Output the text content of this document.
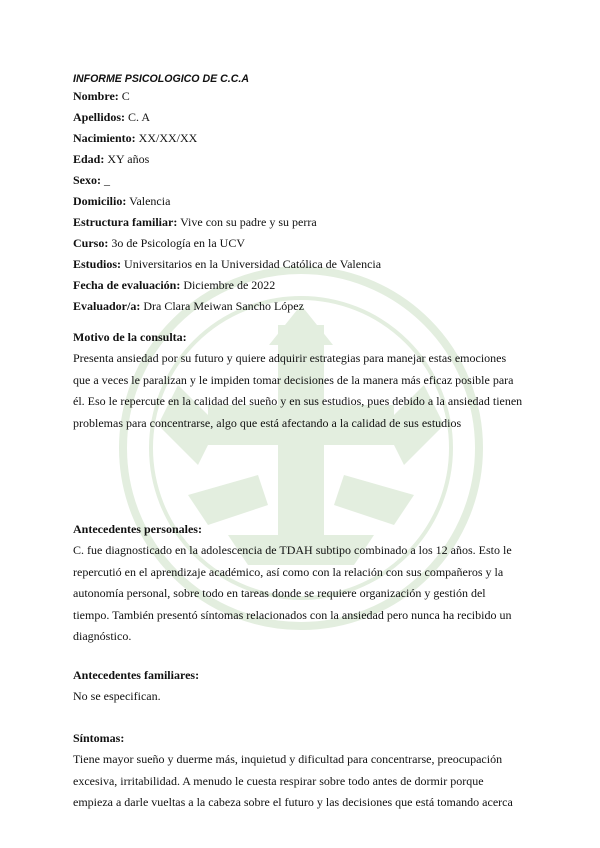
INFORME PSICOLOGICO DE C.C.A

Nombre: C

Apellidos: C. A

Nacimiento: XX/XX/XX

Edad: XY años

Sexo: _

Domicilio: Valencia

Estructura familiar: Vive con su padre y su perra

Curso: 3o de Psicología en la UCV

Estudios: Universitarios en la Universidad Católica de Valencia

Fecha de evaluación: Diciembre de 2022

Evaluador/a: Dra Clara Meiwan Sancho López

Motivo de la consulta:

Presenta ansiedad por su futuro y quiere adquirir estrategias para manejar estas emociones
que a veces le paralizan y le impiden tomar decisiones de la manera más eficaz posible para
él. Eso le repercute en la calidad del sueño y en sus estudios, pues debido a la ansiedad tienen
problemas para concentrarse, algo que está afectando a la calidad de sus estudios

Antecedentes personales:

C. fue diagnosticado en la adolescencia de TDAH subtipo combinado a los 12 años. Esto le
repercutió en el aprendizaje académico, así como con la relación con sus compañeros y la
autonomía personal, sobre todo en tareas donde se requiere organización y gestión del
tiempo. También presentó síntomas relacionados con la ansiedad pero nunca ha recibido un
diagnóstico.

Antecedentes familiares:

No se especifican.

Síntomas:

Tiene mayor sueño y duerme más, inquietud y dificultad para concentrarse, preocupación
excesiva, irritabilidad. A menudo le cuesta respirar sobre todo antes de dormir porque
empieza a darle vueltas a la cabeza sobre el futuro y las decisiones que está tomando acerca
